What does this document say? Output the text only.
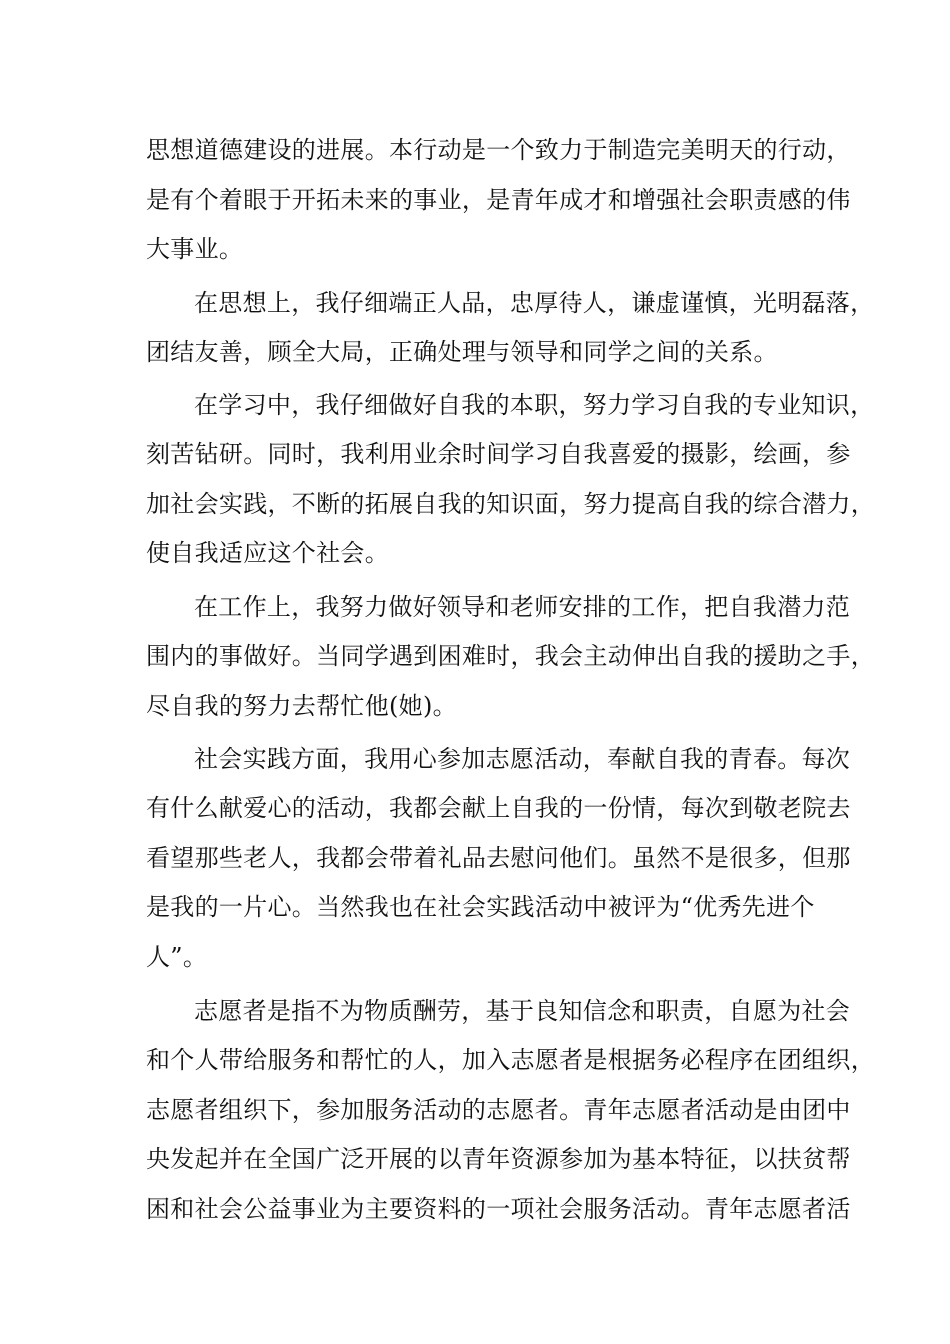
思想道德建设的进展。本行动是一个致力于制造完美明天的行动，
是有个着眼于开拓未来的事业，是青年成才和增强社会职责感的伟
大事业。
在思想上，我仔细端正人品，忠厚待人，谦虚谨慎，光明磊落，
团结友善，顾全大局，正确处理与领导和同学之间的关系。
在学习中，我仔细做好自我的本职，努力学习自我的专业知识，
刻苦钻研。同时，我利用业余时间学习自我喜爱的摄影，绘画，参
加社会实践，不断的拓展自我的知识面，努力提高自我的综合潜力，
使自我适应这个社会。
在工作上，我努力做好领导和老师安排的工作，把自我潜力范
围内的事做好。当同学遇到困难时，我会主动伸出自我的援助之手，
尽自我的努力去帮忙他(她)。
社会实践方面，我用心参加志愿活动，奉献自我的青春。每次
有什么献爱心的活动，我都会献上自我的一份情，每次到敬老院去
看望那些老人，我都会带着礼品去慰问他们。虽然不是很多，但那
是我的一片心。当然我也在社会实践活动中被评为“优秀先进个
人”。
志愿者是指不为物质酬劳，基于良知信念和职责，自愿为社会
和个人带给服务和帮忙的人，加入志愿者是根据务必程序在团组织，
志愿者组织下，参加服务活动的志愿者。青年志愿者活动是由团中
央发起并在全国广泛开展的以青年资源参加为基本特征，以扶贫帮
困和社会公益事业为主要资料的一项社会服务活动。青年志愿者活
